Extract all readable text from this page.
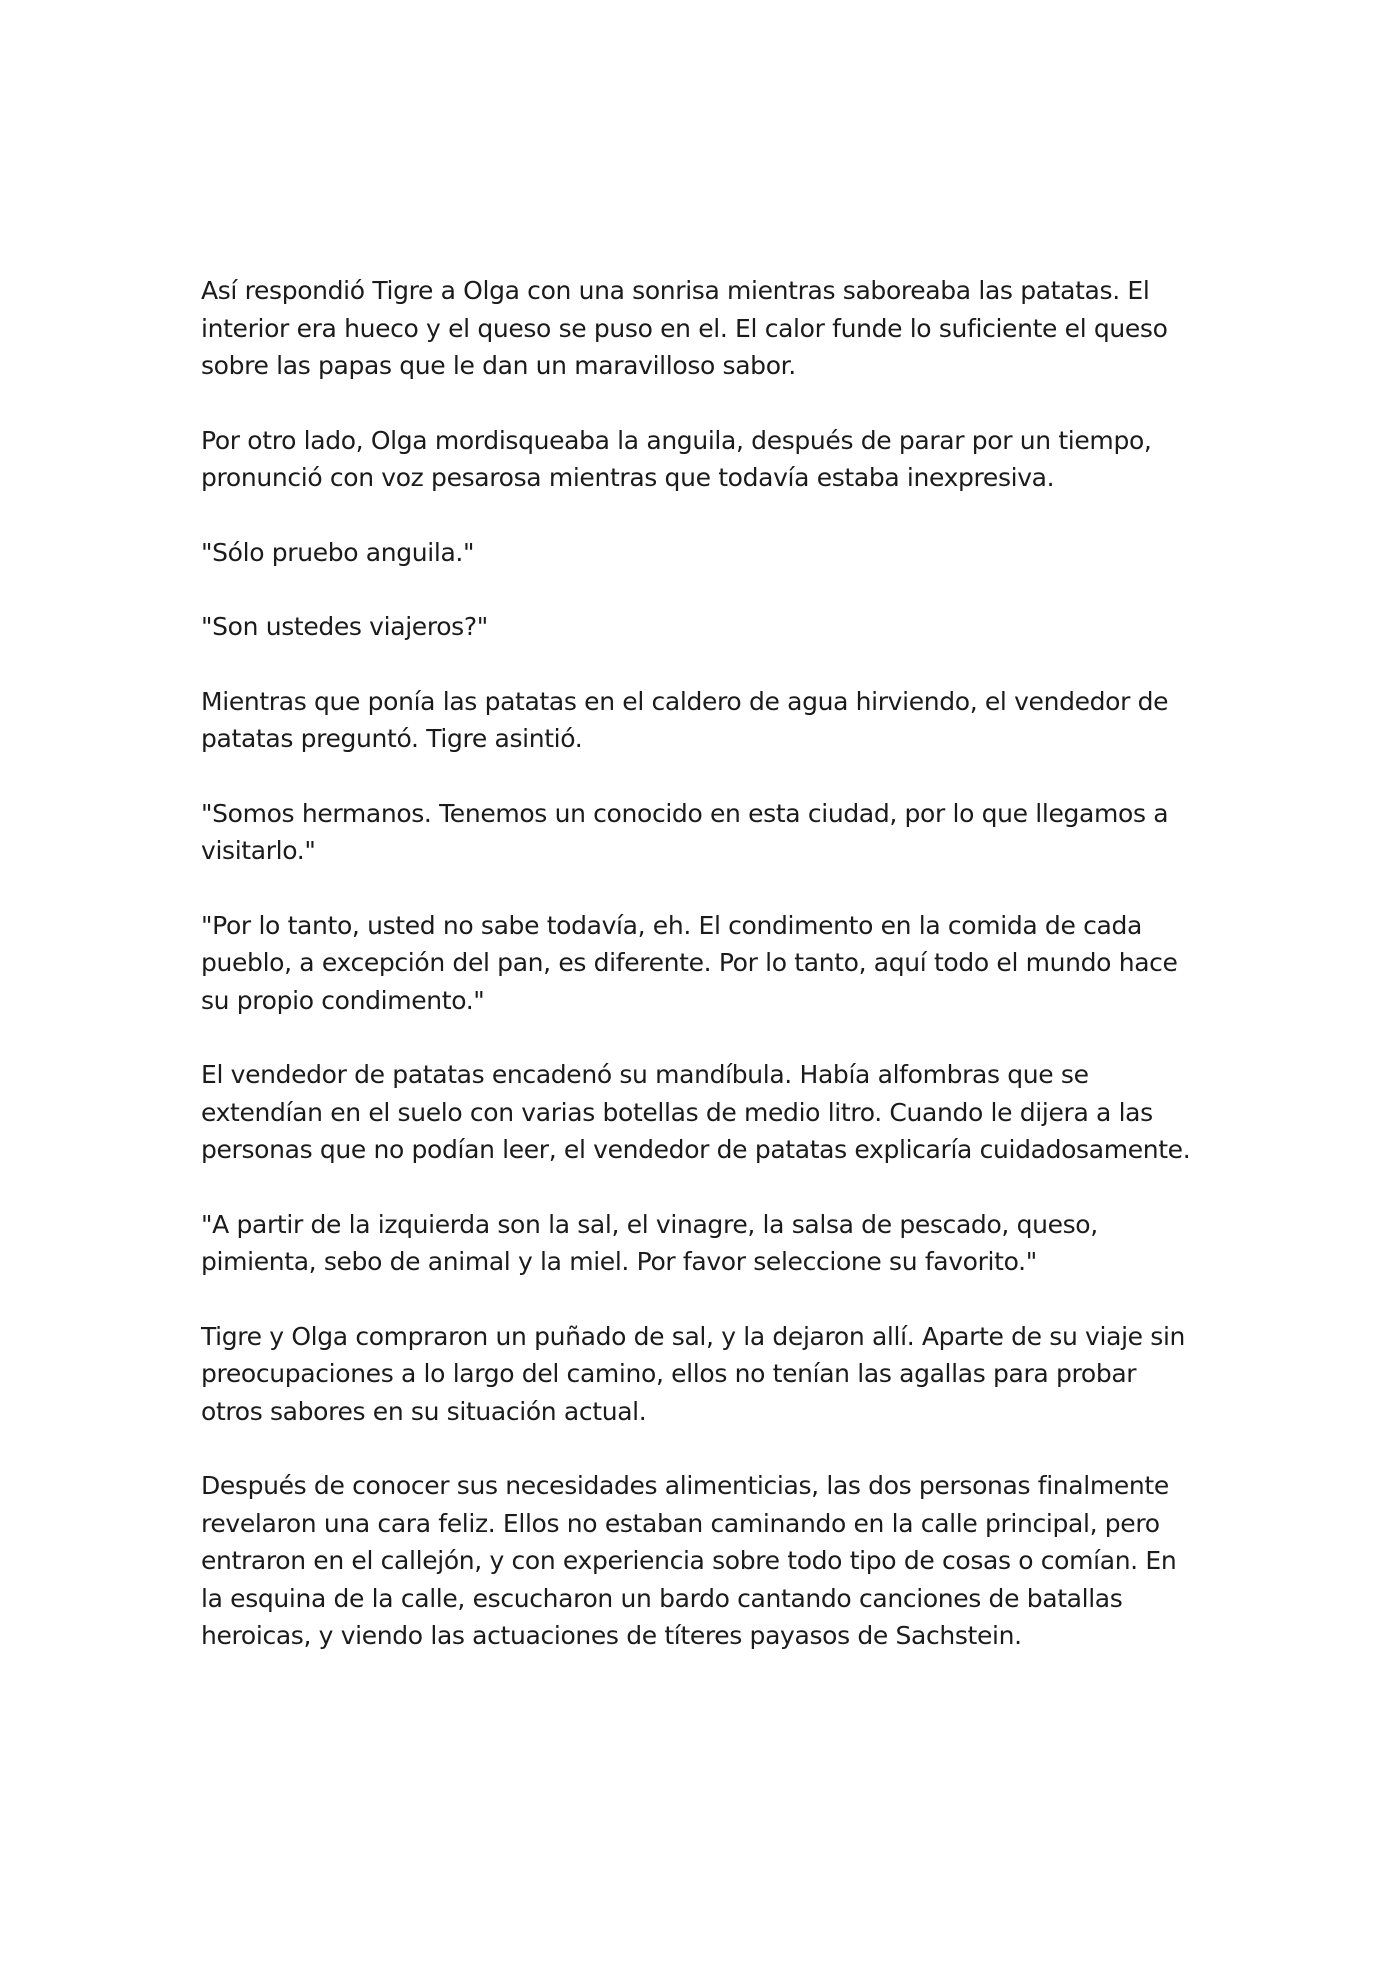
Así respondió Tigre a Olga con una sonrisa mientras saboreaba las patatas. El
interior era hueco y el queso se puso en el. El calor funde lo suficiente el queso
sobre las papas que le dan un maravilloso sabor.

Por otro lado, Olga mordisqueaba la anguila, después de parar por un tiempo,
pronunció con voz pesarosa mientras que todavía estaba inexpresiva.

"Sólo pruebo anguila."

"Son ustedes viajeros?"

Mientras que ponía las patatas en el caldero de agua hirviendo, el vendedor de
patatas preguntó. Tigre asintió.

"Somos hermanos. Tenemos un conocido en esta ciudad, por lo que llegamos a
visitarlo."

"Por lo tanto, usted no sabe todavía, eh. El condimento en la comida de cada
pueblo, a excepción del pan, es diferente. Por lo tanto, aquí todo el mundo hace
su propio condimento."

El vendedor de patatas encadenó su mandíbula. Había alfombras que se
extendían en el suelo con varias botellas de medio litro. Cuando le dijera a las
personas que no podían leer, el vendedor de patatas explicaría cuidadosamente.

"A partir de la izquierda son la sal, el vinagre, la salsa de pescado, queso,
pimienta, sebo de animal y la miel. Por favor seleccione su favorito."

Tigre y Olga compraron un puñado de sal, y la dejaron allí. Aparte de su viaje sin
preocupaciones a lo largo del camino, ellos no tenían las agallas para probar
otros sabores en su situación actual.

Después de conocer sus necesidades alimenticias, las dos personas finalmente
revelaron una cara feliz. Ellos no estaban caminando en la calle principal, pero
entraron en el callejón, y con experiencia sobre todo tipo de cosas o comían. En
la esquina de la calle, escucharon un bardo cantando canciones de batallas
heroicas, y viendo las actuaciones de títeres payasos de Sachstein.
